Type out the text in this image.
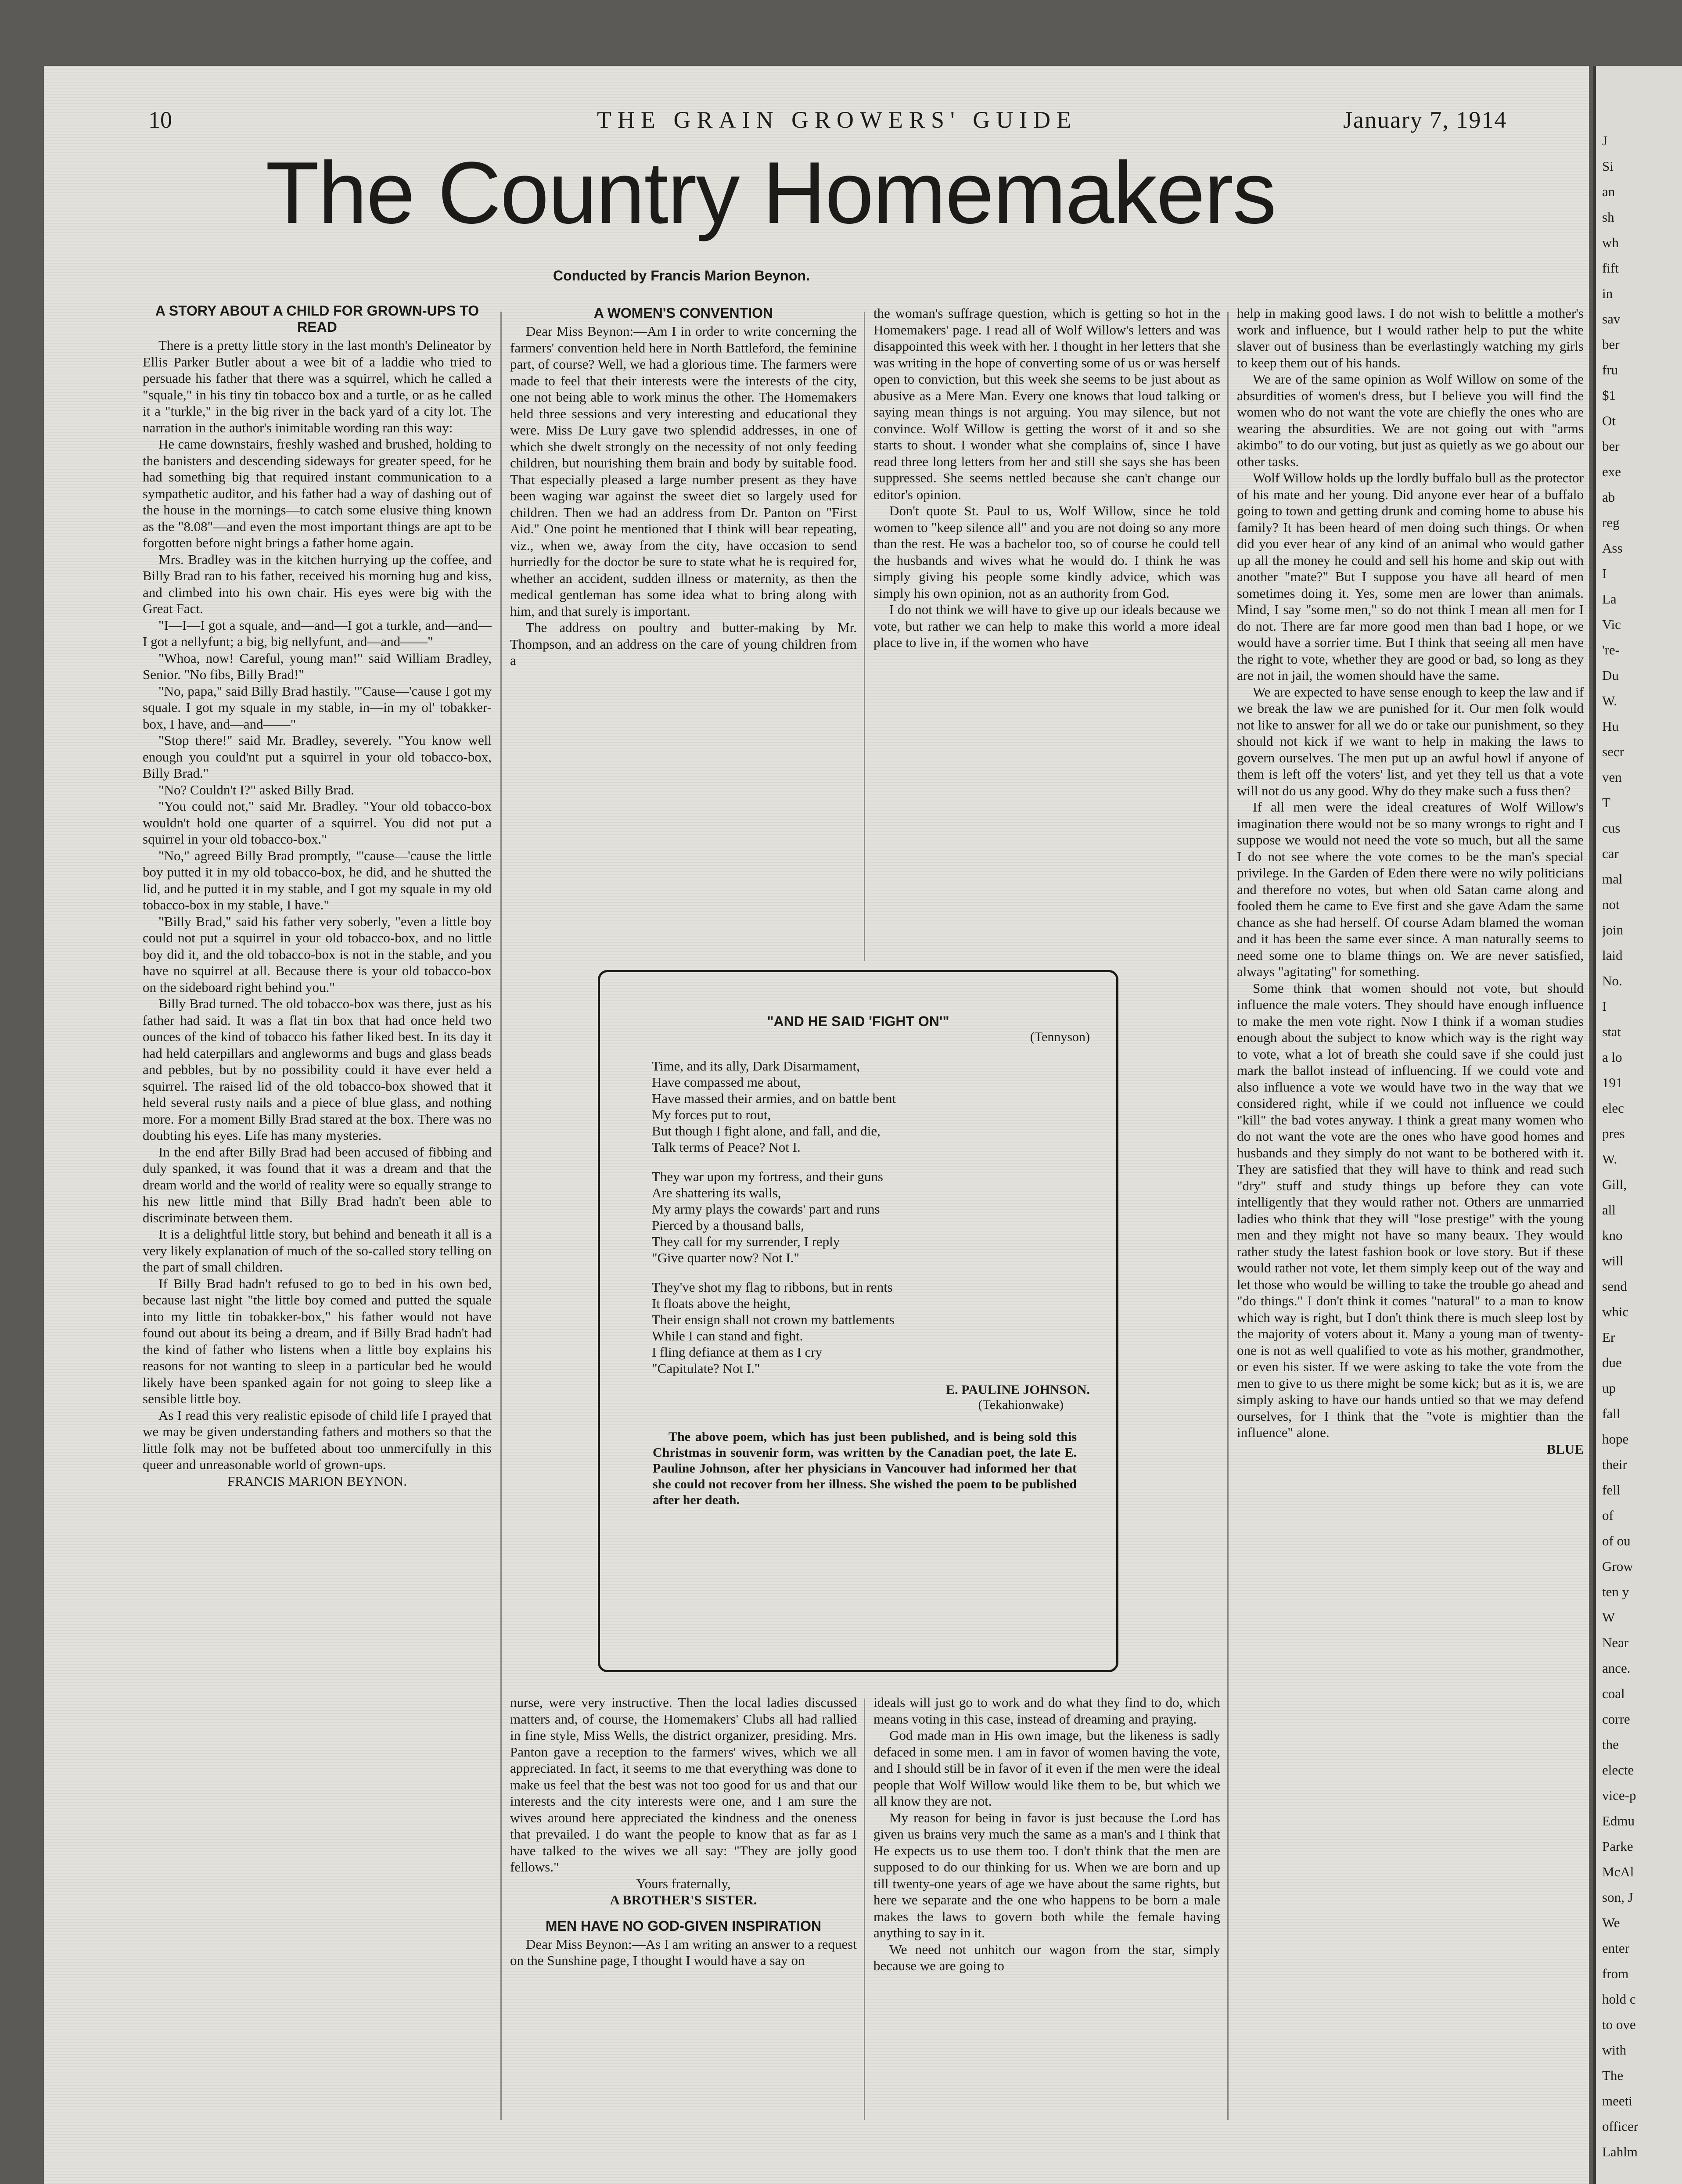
10	THE GRAIN GROWERS' GUIDE	January 7, 1914
The Country Homemakers
Conducted by Francis Marion Beynon.
A STORY ABOUT A CHILD FOR GROWN-UPS TO READ

There is a pretty little story in the last month's Delineator by Ellis Parker Butler about a wee bit of a laddie who tried to persuade his father that there was a squirrel, which he called a "squale," in his tiny tin tobacco box and a turtle, or as he called it a "turkle," in the big river in the back yard of a city lot. The narration in the author's inimitable wording ran this way:

He came downstairs, freshly washed and brushed, holding to the banisters and descending sideways for greater speed, for he had something big that required instant communication to a sympathetic auditor, and his father had a way of dashing out of the house in the mornings—to catch some elusive thing known as the "8.08"—and even the most important things are apt to be forgotten before night brings a father home again.

Mrs. Bradley was in the kitchen hurrying up the coffee, and Billy Brad ran to his father, received his morning hug and kiss, and climbed into his own chair. His eyes were big with the Great Fact.

"I—I—I got a squale, and—and—I got a turkle, and—and—I got a nellyfunt; a big, big nellyfunt, and—and——"

"Whoa, now! Careful, young man!" said William Bradley, Senior. "No fibs, Billy Brad!"

"No, papa," said Billy Brad hastily. "'Cause—'cause I got my squale. I got my squale in my stable, in—in my ol' tobakker-box, I have, and—and——"

"Stop there!" said Mr. Bradley, severely. "You know well enough you could'nt put a squirrel in your old tobacco-box, Billy Brad."

"No? Couldn't I?" asked Billy Brad.

"You could not," said Mr. Bradley. "Your old tobacco-box wouldn't hold one quarter of a squirrel. You did not put a squirrel in your old tobacco-box."

"No," agreed Billy Brad promptly, "'cause—'cause the little boy putted it in my old tobacco-box, he did, and he shutted the lid, and he putted it in my stable, and I got my squale in my old tobacco-box in my stable, I have."

"Billy Brad," said his father very soberly, "even a little boy could not put a squirrel in your old tobacco-box, and no little boy did it, and the old tobacco-box is not in the stable, and you have no squirrel at all. Because there is your old tobacco-box on the sideboard right behind you."

Billy Brad turned. The old tobacco-box was there, just as his father had said. It was a flat tin box that had once held two ounces of the kind of tobacco his father liked best. In its day it had held caterpillars and angleworms and bugs and glass beads and pebbles, but by no possibility could it have ever held a squirrel. The raised lid of the old tobacco-box showed that it held several rusty nails and a piece of blue glass, and nothing more. For a moment Billy Brad stared at the box. There was no doubting his eyes. Life has many mysteries.

In the end after Billy Brad had been accused of fibbing and duly spanked, it was found that it was a dream and that the dream world and the world of reality were so equally strange to his new little mind that Billy Brad hadn't been able to discriminate between them.

It is a delightful little story, but behind and beneath it all is a very likely explanation of much of the so-called story telling on the part of small children.

If Billy Brad hadn't refused to go to bed in his own bed, because last night "the little boy comed and putted the squale into my little tin tobakker-box," his father would not have found out about its being a dream, and if Billy Brad hadn't had the kind of father who listens when a little boy explains his reasons for not wanting to sleep in a particular bed he would likely have been spanked again for not going to sleep like a sensible little boy.

As I read this very realistic episode of child life I prayed that we may be given understanding fathers and mothers so that the little folk may not be buffeted about too unmercifully in this queer and unreasonable world of grown-ups.

FRANCIS MARION BEYNON.

A WOMEN'S CONVENTION

Dear Miss Beynon:—Am I in order to write concerning the farmers' convention held here in North Battleford, the feminine part, of course? Well, we had a glorious time. The farmers were made to feel that their interests were the interests of the city, one not being able to work minus the other. The Homemakers held three sessions and very interesting and educational they were. Miss De Lury gave two splendid addresses, in one of which she dwelt strongly on the necessity of not only feeding children, but nourishing them brain and body by suitable food. That especially pleased a large number present as they have been waging war against the sweet diet so largely used for children. Then we had an address from Dr. Panton on "First Aid." One point he mentioned that I think will bear repeating, viz., when we, away from the city, have occasion to send hurriedly for the doctor be sure to state what he is required for, whether an accident, sudden illness or maternity, as then the medical gentleman has some idea what to bring along with him, and that surely is important.

The address on poultry and butter-making by Mr. Thompson, and an address on the care of young children from a

the woman's suffrage question, which is getting so hot in the Homemakers' page. I read all of Wolf Willow's letters and was disappointed this week with her. I thought in her letters that she was writing in the hope of converting some of us or was herself open to conviction, but this week she seems to be just about as abusive as a Mere Man. Every one knows that loud talking or saying mean things is not arguing. You may silence, but not convince. Wolf Willow is getting the worst of it and so she starts to shout. I wonder what she complains of, since I have read three long letters from her and still she says she has been suppressed. She seems nettled because she can't change our editor's opinion.

Don't quote St. Paul to us, Wolf Willow, since he told women to "keep silence all" and you are not doing so any more than the rest. He was a bachelor too, so of course he could tell the husbands and wives what he would do. I think he was simply giving his people some kindly advice, which was simply his own opinion, not as an authority from God.

I do not think we will have to give up our ideals because we vote, but rather we can help to make this world a more ideal place to live in, if the women who have

"AND HE SAID 'FIGHT ON'"
(Tennyson)
Time, and its ally, Dark Disarmament,
Have compassed me about,
Have massed their armies, and on battle bent
My forces put to rout,
But though I fight alone, and fall, and die,
Talk terms of Peace? Not I.
They war upon my fortress, and their guns
Are shattering its walls,
My army plays the cowards' part and runs
Pierced by a thousand balls,
They call for my surrender, I reply
"Give quarter now? Not I."
They've shot my flag to ribbons, but in rents
It floats above the height,
Their ensign shall not crown my battlements
While I can stand and fight.
I fling defiance at them as I cry
"Capitulate? Not I."
E. PAULINE JOHNSON.
(Tekahionwake)
The above poem, which has just been published, and is being sold this Christmas in souvenir form, was written by the Canadian poet, the late E. Pauline Johnson, after her physicians in Vancouver had informed her that she could not recover from her illness. She wished the poem to be published after her death.

nurse, were very instructive. Then the local ladies discussed matters and, of course, the Homemakers' Clubs all had rallied in fine style, Miss Wells, the district organizer, presiding. Mrs. Panton gave a reception to the farmers' wives, which we all appreciated. In fact, it seems to me that everything was done to make us feel that the best was not too good for us and that our interests and the city interests were one, and I am sure the wives around here appreciated the kindness and the oneness that prevailed. I do want the people to know that as far as I have talked to the wives we all say: "They are jolly good fellows."

Yours fraternally,

A BROTHER'S SISTER.

MEN HAVE NO GOD-GIVEN INSPIRATION

Dear Miss Beynon:—As I am writing an answer to a request on the Sunshine page, I thought I would have a say on

ideals will just go to work and do what they find to do, which means voting in this case, instead of dreaming and praying.

God made man in His own image, but the likeness is sadly defaced in some men. I am in favor of women having the vote, and I should still be in favor of it even if the men were the ideal people that Wolf Willow would like them to be, but which we all know they are not.

My reason for being in favor is just because the Lord has given us brains very much the same as a man's and I think that He expects us to use them too. I don't think that the men are supposed to do our thinking for us. When we are born and up till twenty-one years of age we have about the same rights, but here we separate and the one who happens to be born a male makes the laws to govern both while the female having anything to say in it.

We need not unhitch our wagon from the star, simply because we are going to

help in making good laws. I do not wish to belittle a mother's work and influence, but I would rather help to put the white slaver out of business than be everlastingly watching my girls to keep them out of his hands.

We are of the same opinion as Wolf Willow on some of the absurdities of women's dress, but I believe you will find the women who do not want the vote are chiefly the ones who are wearing the absurdities. We are not going out with "arms akimbo" to do our voting, but just as quietly as we go about our other tasks.

Wolf Willow holds up the lordly buffalo bull as the protector of his mate and her young. Did anyone ever hear of a buffalo going to town and getting drunk and coming home to abuse his family? It has been heard of men doing such things. Or when did you ever hear of any kind of an animal who would gather up all the money he could and sell his home and skip out with another "mate?" But I suppose you have all heard of men sometimes doing it. Yes, some men are lower than animals. Mind, I say "some men," so do not think I mean all men for I do not. There are far more good men than bad I hope, or we would have a sorrier time. But I think that seeing all men have the right to vote, whether they are good or bad, so long as they are not in jail, the women should have the same.

We are expected to have sense enough to keep the law and if we break the law we are punished for it. Our men folk would not like to answer for all we do or take our punishment, so they should not kick if we want to help in making the laws to govern ourselves. The men put up an awful howl if anyone of them is left off the voters' list, and yet they tell us that a vote will not do us any good. Why do they make such a fuss then?

If all men were the ideal creatures of Wolf Willow's imagination there would not be so many wrongs to right and I suppose we would not need the vote so much, but all the same I do not see where the vote comes to be the man's special privilege. In the Garden of Eden there were no wily politicians and therefore no votes, but when old Satan came along and fooled them he came to Eve first and she gave Adam the same chance as she had herself. Of course Adam blamed the woman and it has been the same ever since. A man naturally seems to need some one to blame things on. We are never satisfied, always "agitating" for something.

Some think that women should not vote, but should influence the male voters. They should have enough influence to make the men vote right. Now I think if a woman studies enough about the subject to know which way is the right way to vote, what a lot of breath she could save if she could just mark the ballot instead of influencing. If we could vote and also influence a vote we would have two in the way that we considered right, while if we could not influence we could "kill" the bad votes anyway. I think a great many women who do not want the vote are the ones who have good homes and husbands and they simply do not want to be bothered with it. They are satisfied that they will have to think and read such "dry" stuff and study things up before they can vote intelligently that they would rather not. Others are unmarried ladies who think that they will "lose prestige" with the young men and they might not have so many beaux. They would rather study the latest fashion book or love story. But if these would rather not vote, let them simply keep out of the way and let those who would be willing to take the trouble go ahead and "do things." I don't think it comes "natural" to a man to know which way is right, but I don't think there is much sleep lost by the majority of voters about it. Many a young man of twenty-one is not as well qualified to vote as his mother, grandmother, or even his sister. If we were asking to take the vote from the men to give to us there might be some kick; but as it is, we are simply asking to have our hands untied so that we may defend ourselves, for I think that the "vote is mightier than the influence" alone.

BLUE

J
Si
an
sh
wh
fift
in
sav
ber
fru
$1
Ot
ber
exe
ab
reg
Ass
I
La
Vic
're-
Du
W.
Hu
secr
ven
T
cus
car
mal
not
join
laid
No.
I
stat
a lo
191
elec
pres
W.
Gill,
all
kno
will
send
whic
Er
due
up
fall
hope
their
fell
of
of ou
Grow
ten y
W
Near
ance.
coal
corre
the
electe
vice-p
Edmu
Parke
McAl
son, J
We
enter
from
hold c
to ove
with
The
meeti
officer
Lahlm
